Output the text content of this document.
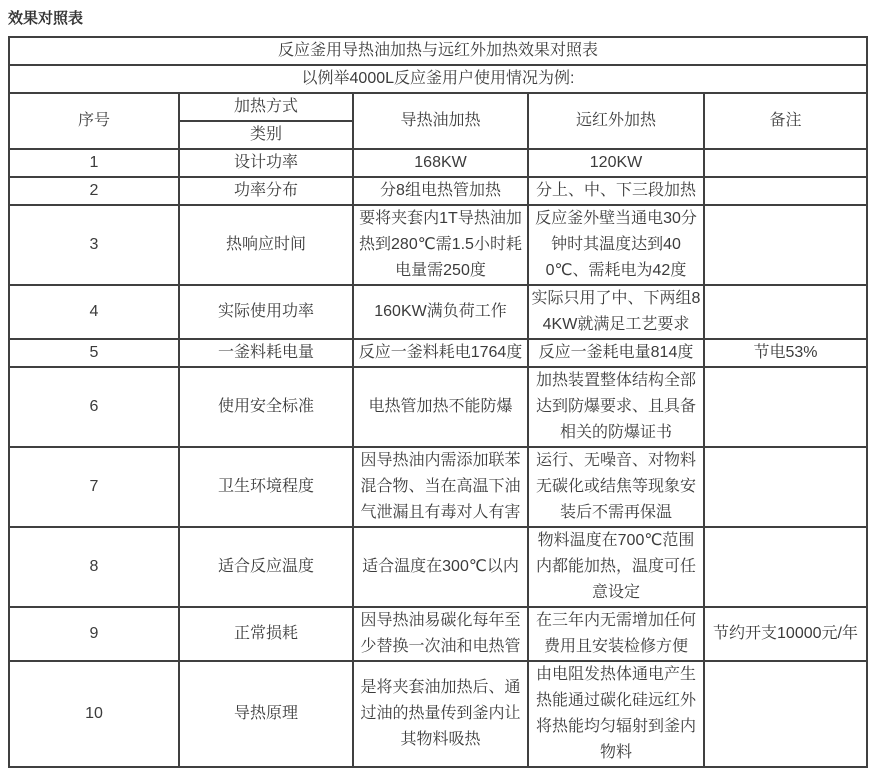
效果对照表
反应釜用导热油加热与远红外加热效果对照表				
以例举4000L反应釜用户使用情况为例:				
序号	加热方式	导热油加热	远红外加热	备注
	类别			
1	设计功率	168KW	120KW	
2	功率分布	分8组电热管加热	分上、中、下三段加热	
3	热响应时间	要将夹套内1T导热油加热到280℃需1.5小时耗电量需250度	反应釜外壁当通电30分钟时其温度达到400℃、需耗电为42度	
4	实际使用功率	160KW满负荷工作	实际只用了中、下两组84KW就满足工艺要求	
5	一釜料耗电量	反应一釜料耗电1764度	反应一釜耗电量814度	节电53%
6	使用安全标准	电热管加热不能防爆	加热装置整体结构全部达到防爆要求、且具备相关的防爆证书	
7	卫生环境程度	因导热油内需添加联苯混合物、当在高温下油气泄漏且有毒对人有害	运行、无噪音、对物料无碳化或结焦等现象安装后不需再保温	
8	适合反应温度	适合温度在300℃以内	物料温度在700℃范围内都能加热，温度可任意设定	
9	正常损耗	因导热油易碳化每年至少替换一次油和电热管	在三年内无需增加任何费用且安装检修方便	节约开支10000元/年
10	导热原理	是将夹套油加热后、通过油的热量传到釜内让其物料吸热	由电阻发热体通电产生热能通过碳化硅远红外将热能均匀辐射到釜内物料	
